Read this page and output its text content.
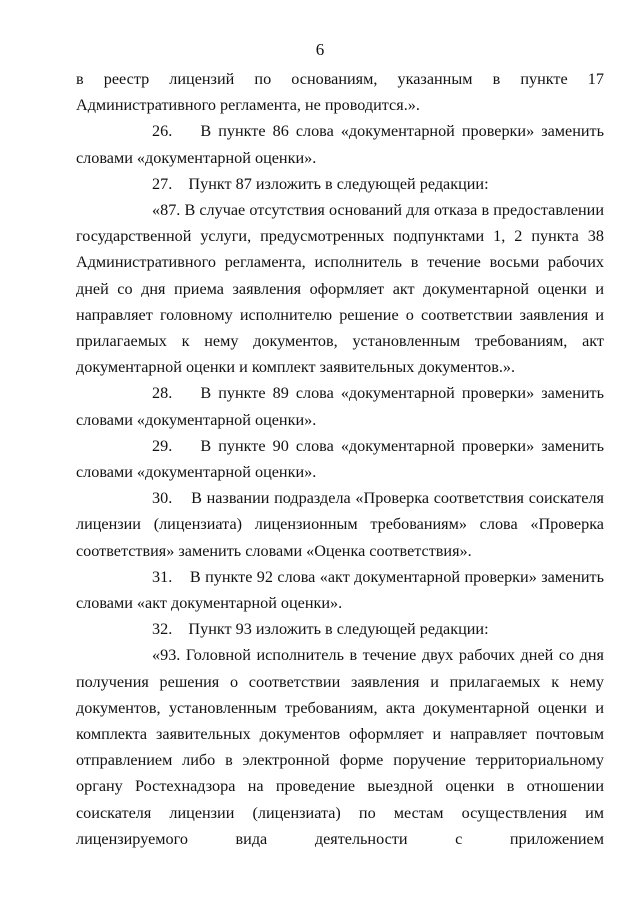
6

в реестр лицензий по основаниям, указанным в пункте 17 Административного регламента, не проводится.».

26.    В пункте 86 слова «документарной проверки» заменить словами «документарной оценки».

27.    Пункт 87 изложить в следующей редакции:

«87. В случае отсутствия оснований для отказа в предоставлении государственной услуги, предусмотренных подпунктами 1, 2 пункта 38 Административного регламента, исполнитель в течение восьми рабочих дней со дня приема заявления оформляет акт документарной оценки и направляет головному исполнителю решение о соответствии заявления и прилагаемых к нему документов, установленным требованиям, акт документарной оценки и комплект заявительных документов.».

28.    В пункте 89 слова «документарной проверки» заменить словами «документарной оценки».

29.    В пункте 90 слова «документарной проверки» заменить словами «документарной оценки».

30.    В названии подраздела «Проверка соответствия соискателя лицензии (лицензиата) лицензионным требованиям» слова «Проверка соответствия» заменить словами «Оценка соответствия».

31.    В пункте 92 слова «акт документарной проверки» заменить словами «акт документарной оценки».

32.    Пункт 93 изложить в следующей редакции:

«93. Головной исполнитель в течение двух рабочих дней со дня получения решения о соответствии заявления и прилагаемых к нему документов, установленным требованиям, акта документарной оценки и комплекта заявительных документов оформляет и направляет почтовым отправлением либо в электронной форме поручение территориальному органу Ростехнадзора на проведение выездной оценки в отношении соискателя лицензии (лицензиата) по местам осуществления им лицензируемого вида деятельности с приложением
